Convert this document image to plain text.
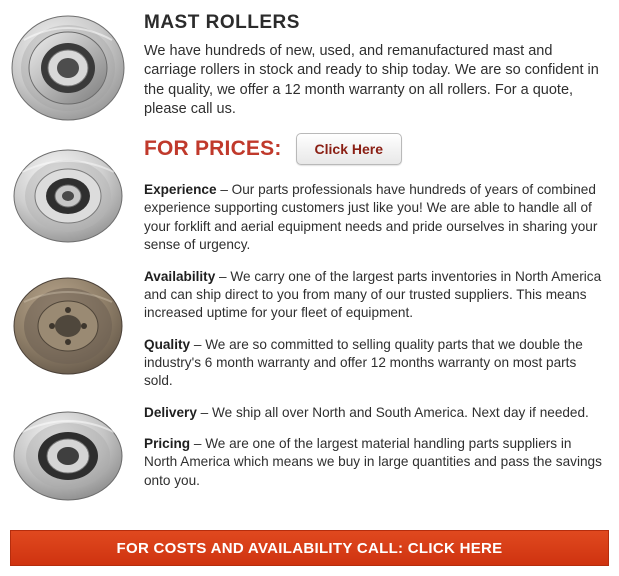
MAST ROLLERS

We have hundreds of new, used, and remanufactured mast and carriage rollers in stock and ready to ship today. We are so confident in the quality, we offer a 12 month warranty on all rollers. For a quote, please call us.

FOR PRICES:	Click Here

Experience – Our parts professionals have hundreds of years of combined experience supporting customers just like you! We are able to handle all of your forklift and aerial equipment needs and pride ourselves in sharing your sense of urgency.

Availability – We carry one of the largest parts inventories in North America and can ship direct to you from many of our trusted suppliers. This means increased uptime for your fleet of equipment.

Quality – We are so committed to selling quality parts that we double the industry's 6 month warranty and offer 12 months warranty on most parts sold.

Delivery – We ship all over North and South America. Next day if needed.

Pricing – We are one of the largest material handling parts suppliers in North America which means we buy in large quantities and pass the savings onto you.

FOR COSTS AND AVAILABILITY CALL: CLICK HERE
